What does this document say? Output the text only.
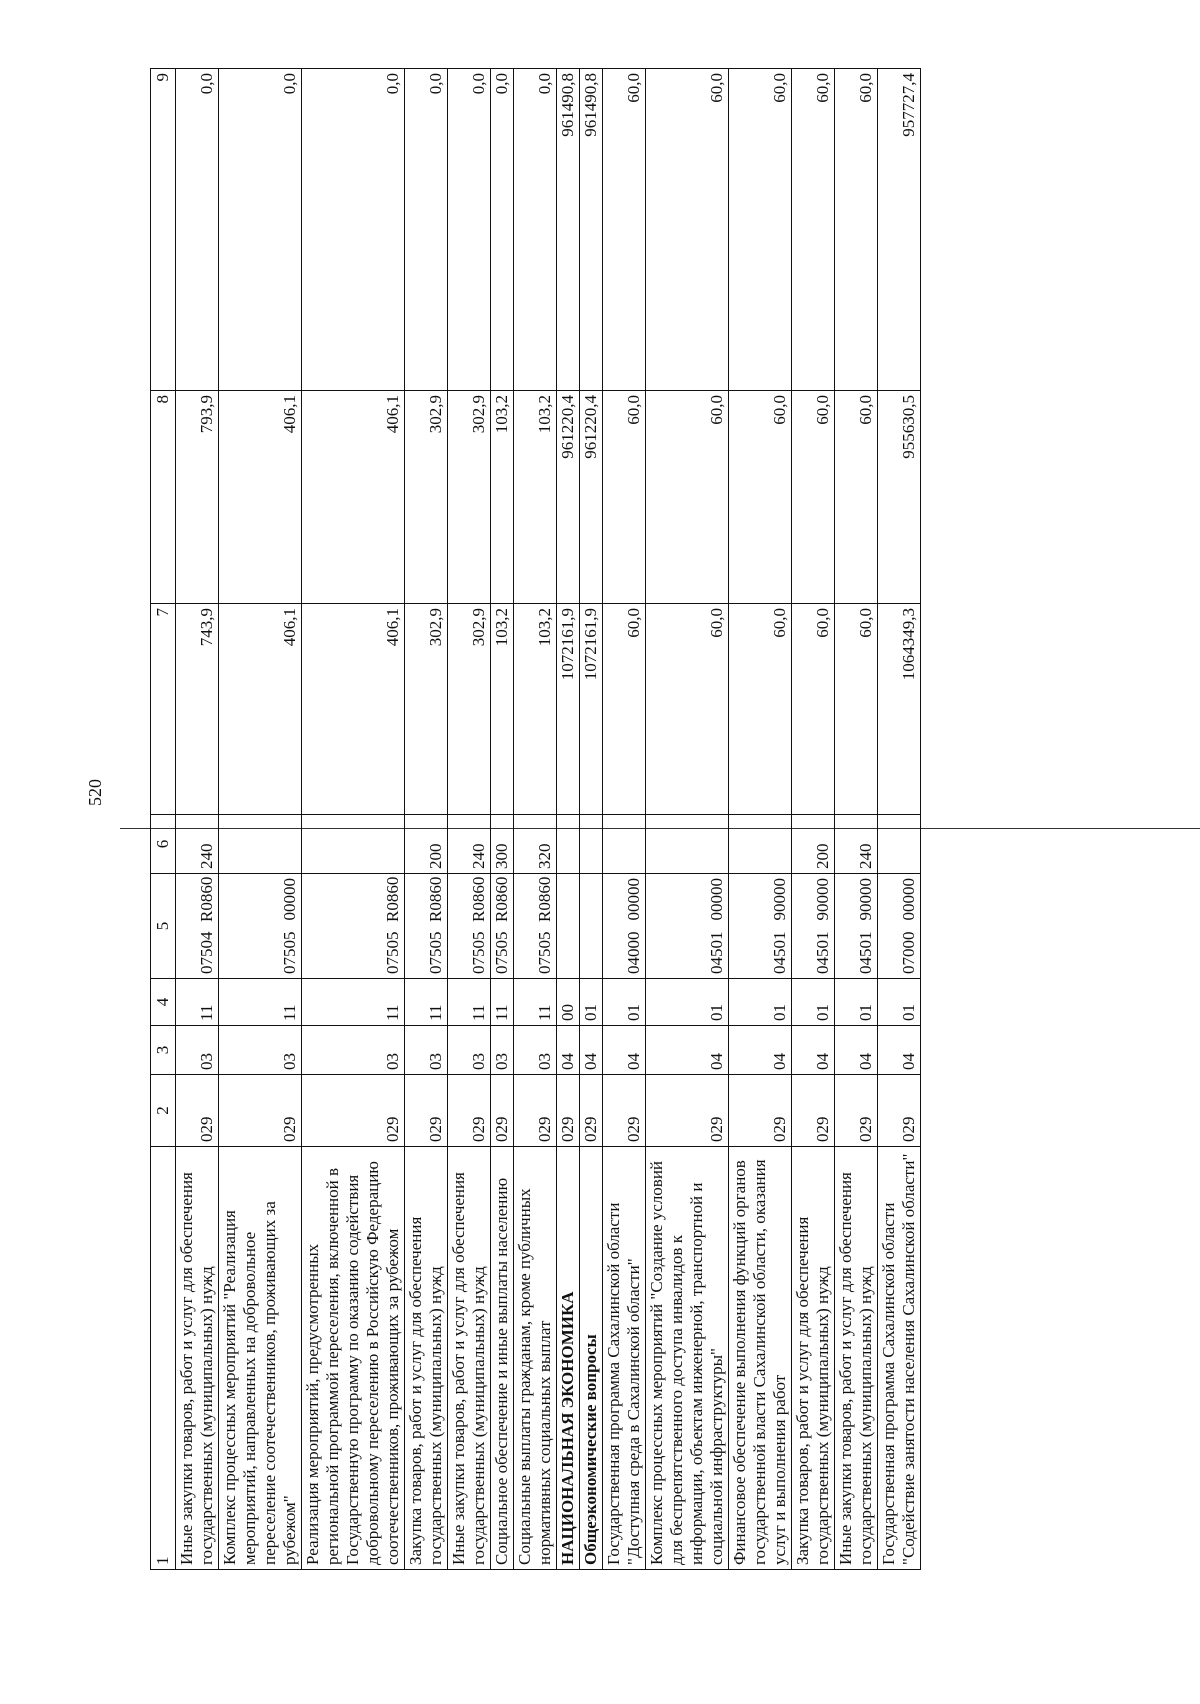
520
1	2	3	4	5		6	7	8	9
Иные закупки товаров, работ и услуг для обеспечения государственных (муниципальных) нужд	029	03	11	07504	R0860	240	743,9	793,9	0,0
Комплекс процессных мероприятий "Реализация мероприятий, направленных на добровольное переселение соотечественников, проживающих за рубежом"	029	03	11	07505	00000		406,1	406,1	0,0
Реализация мероприятий, предусмотренных региональной программой переселения, включенной в Государственную программу по оказанию содействия добровольному переселению в Российскую Федерацию соотечественников, проживающих за рубежом	029	03	11	07505	R0860		406,1	406,1	0,0
Закупка товаров, работ и услуг для обеспечения государственных (муниципальных) нужд	029	03	11	07505	R0860	200	302,9	302,9	0,0
Иные закупки товаров, работ и услуг для обеспечения государственных (муниципальных) нужд	029	03	11	07505	R0860	240	302,9	302,9	0,0
Социальное обеспечение и иные выплаты населению	029	03	11	07505	R0860	300	103,2	103,2	0,0
Социальные выплаты гражданам, кроме публичных нормативных социальных выплат	029	03	11	07505	R0860	320	103,2	103,2	0,0
НАЦИОНАЛЬНАЯ ЭКОНОМИКА	029	04	00				1072161,9	961220,4	961490,8
Общеэкономические вопросы	029	04	01				1072161,9	961220,4	961490,8
Государственная программа Сахалинской области "Доступная среда в Сахалинской области"	029	04	01	04000	00000		60,0	60,0	60,0
Комплекс процессных мероприятий "Создание условий для беспрепятственного доступа инвалидов к информации, объектам инженерной, транспортной и социальной инфраструктуры"	029	04	01	04501	00000		60,0	60,0	60,0
Финансовое обеспечение выполнения функций органов государственной власти Сахалинской области, оказания услуг и выполнения работ	029	04	01	04501	90000		60,0	60,0	60,0
Закупка товаров, работ и услуг для обеспечения государственных (муниципальных) нужд	029	04	01	04501	90000	200	60,0	60,0	60,0
Иные закупки товаров, работ и услуг для обеспечения государственных (муниципальных) нужд	029	04	01	04501	90000	240	60,0	60,0	60,0
Государственная программа Сахалинской области "Содействие занятости населения Сахалинской области"	029	04	01	07000	00000		1064349,3	955630,5	957727,4
